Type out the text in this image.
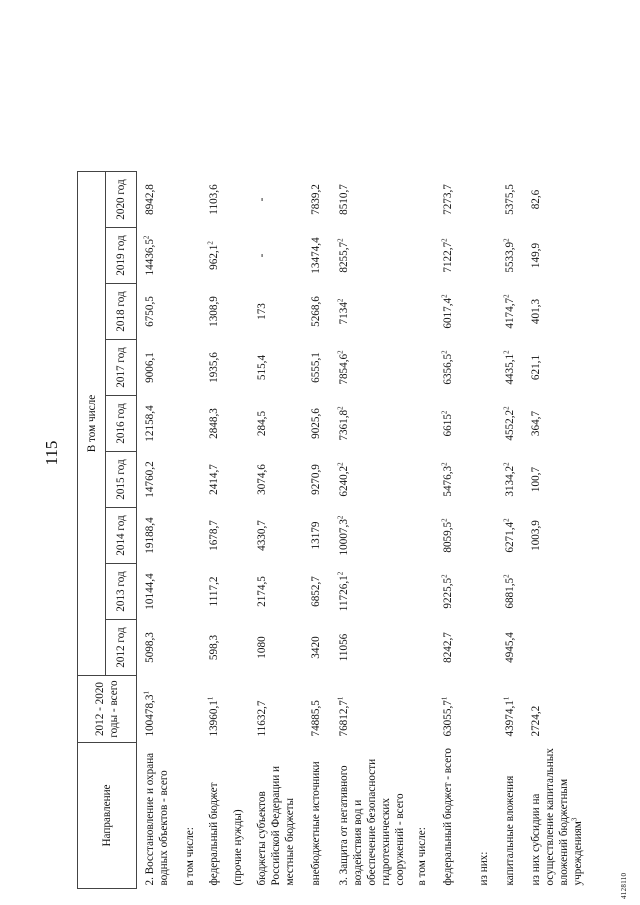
115
Направление	2012 - 2020 годы - всего	В том числе								
		2012 год	2013 год	2014 год	2015 год	2016 год	2017 год	2018 год	2019 год	2020 год
2. Восстановление и охрана водных объектов - всего	100478,3$^1$	5098,3	10144,4	19188,4	14760,2	12158,4	9006,1	6750,5	14436,5$^2$	8942,8
в том числе:										
федеральный бюджет	13960,1$^1$	598,3	1117,2	1678,7	2414,7	2848,3	1935,6	1308,9	962,1$^2$	1103,6
(прочие нужды)										
бюджеты субъектов Российской Федерации и местные бюджеты	11632,7	1080	2174,5	4330,7	3074,6	284,5	515,4	173	-	-
внебюджетные источники	74885,5	3420	6852,7	13179	9270,9	9025,6	6555,1	5268,6	13474,4	7839,2
3. Защита от негативного воздействия вод и обеспечение безопасности гидротехнических сооружений - всего	76812,7$^1$	11056	11726,1$^2$	10007,3$^2$	6240,2$^2$	7361,8$^2$	7854,6$^2$	7134$^2$	8255,7$^2$	8510,7
в том числе:										
федеральный бюджет - всего	63055,7$^1$	8242,7	9225,5$^2$	8059,5$^2$	5476,3$^2$	6615$^2$	6356,5$^2$	6017,4$^2$	7122,7$^2$	7273,7
из них:										
капитальные вложения	43974,1$^1$	4945,4	6881,5$^2$	6271,4$^2$	3134,2$^2$	4552,2$^2$	4435,1$^2$	4174,7$^2$	5533,9$^2$	5375,5
из них субсидии на осуществление капитальных вложений бюджетным учреждениям$^3$	2724,2			1003,9	100,7	364,7	621,1	401,3	149,9	82,6
4128110
